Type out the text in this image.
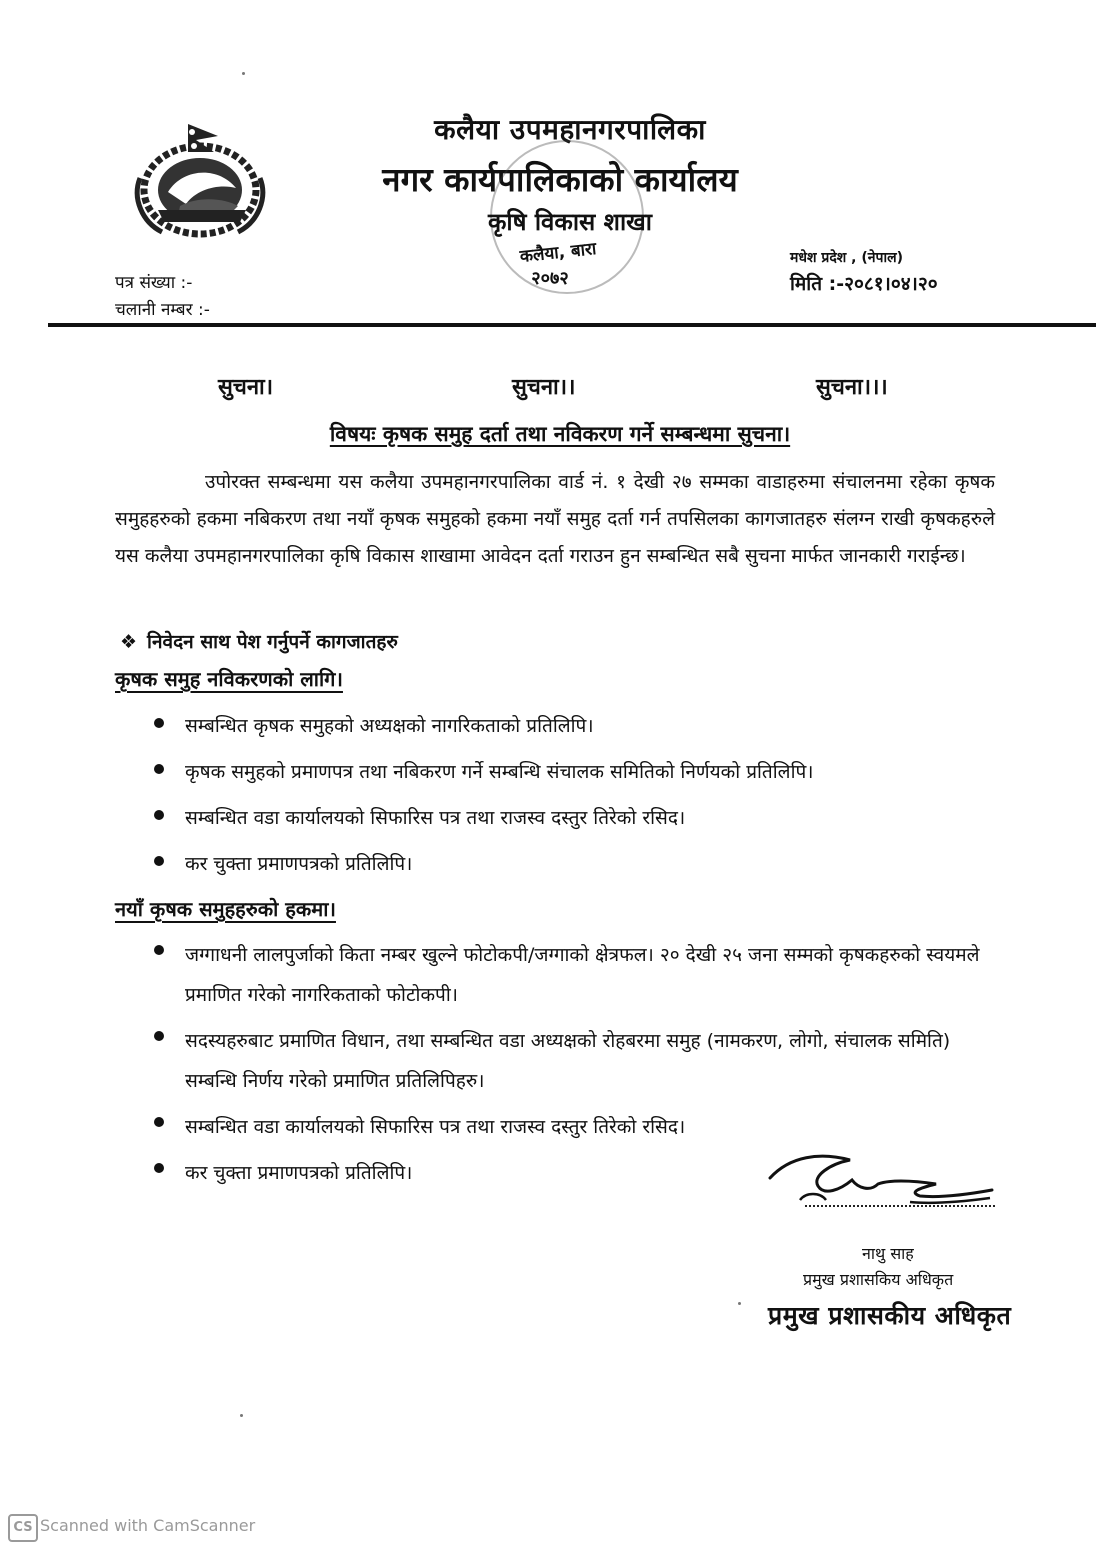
कलैया उपमहानगरपालिका
नगर कार्यपालिकाको कार्यालय
कृषि विकास शाखा
कलैया, बारा
२०७२
मधेश प्रदेश , (नेपाल)
मिति :-२०८१।०४।२०
पत्र संख्या :-
चलानी नम्बर :-
सुचना।	सुचना।।	सुचना।।।
विषयः कृषक समुह दर्ता तथा नविकरण गर्ने सम्बन्धमा सुचना।
उपोरक्त सम्बन्धमा यस कलैया उपमहानगरपालिका वार्ड नं. १ देखी २७ सम्मका वाडाहरुमा संचालनमा रहेका कृषक समुहहरुको हकमा नबिकरण तथा नयाँ कृषक समुहको हकमा नयाँ समुह दर्ता गर्न तपसिलका कागजातहरु संलग्न राखी कृषकहरुले यस कलैया उपमहानगरपालिका कृषि विकास शाखामा आवेदन दर्ता गराउन हुन सम्बन्धित सबै सुचना मार्फत जानकारी गराईन्छ।
❖ निवेदन साथ पेश गर्नुपर्ने कागजातहरु
कृषक समुह नविकरणको लागि।
सम्बन्धित कृषक समुहको अध्यक्षको नागरिकताको प्रतिलिपि।
कृषक समुहको प्रमाणपत्र तथा नबिकरण गर्ने सम्बन्धि संचालक समितिको निर्णयको प्रतिलिपि।
सम्बन्धित वडा कार्यालयको सिफारिस पत्र तथा राजस्व दस्तुर तिरेको रसिद।
कर चुक्ता प्रमाणपत्रको प्रतिलिपि।
नयाँ कृषक समुहहरुको हकमा।
जग्गाधनी लालपुर्जाको किता नम्बर खुल्ने फोटोकपी/जग्गाको क्षेत्रफल। २० देखी २५ जना सम्मको कृषकहरुको स्वयमले प्रमाणित गरेको नागरिकताको फोटोकपी।
सदस्यहरुबाट प्रमाणित विधान, तथा सम्बन्धित वडा अध्यक्षको रोहबरमा समुह (नामकरण, लोगो, संचालक समिति) सम्बन्धि निर्णय गरेको प्रमाणित प्रतिलिपिहरु।
सम्बन्धित वडा कार्यालयको सिफारिस पत्र तथा राजस्व दस्तुर तिरेको रसिद।
कर चुक्ता प्रमाणपत्रको प्रतिलिपि।
नाथु साह
प्रमुख प्रशासकिय अधिकृत
प्रमुख प्रशासकीय अधिकृत
CS Scanned with CamScanner
